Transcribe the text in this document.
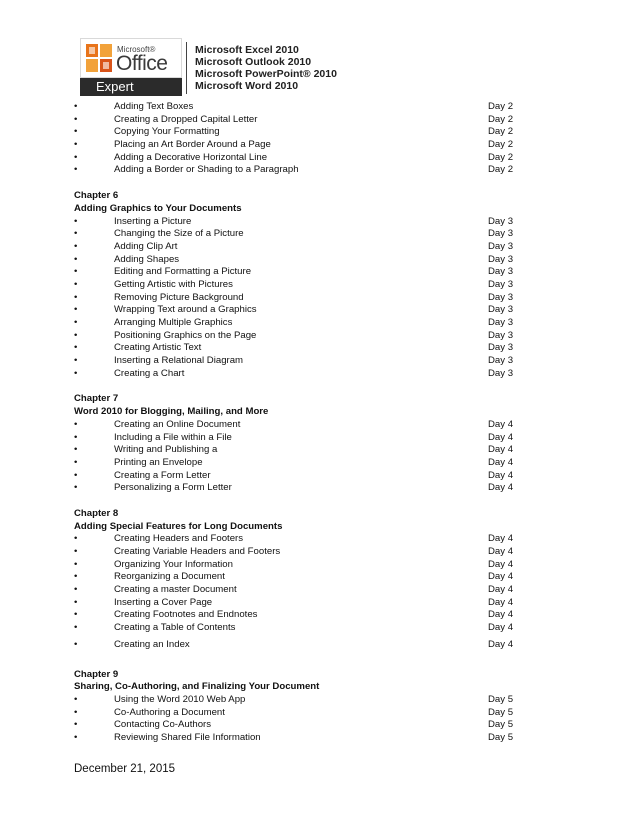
Microsoft®
Office
Expert
Microsoft Excel 2010
Microsoft Outlook 2010
Microsoft PowerPoint® 2010
Microsoft Word 2010
•	Adding Text Boxes	Day 2
•	Creating a Dropped Capital Letter	Day 2
•	Copying Your Formatting	Day 2
•	Placing an Art Border Around a Page	Day 2
•	Adding a Decorative Horizontal Line	Day 2
•	Adding a Border or Shading to a Paragraph	Day 2
Chapter 6
Adding Graphics to Your Documents
•	Inserting a Picture	Day 3
•	Changing the Size of a Picture	Day 3
•	Adding Clip Art	Day 3
•	Adding Shapes	Day 3
•	Editing and Formatting a Picture	Day 3
•	Getting Artistic with Pictures	Day 3
•	Removing Picture Background	Day 3
•	Wrapping Text around a Graphics	Day 3
•	Arranging Multiple Graphics	Day 3
•	Positioning Graphics on the Page	Day 3
•	Creating Artistic Text	Day 3
•	Inserting a Relational Diagram	Day 3
•	Creating a Chart	Day 3
Chapter 7
Word 2010 for Blogging, Mailing, and More
•	Creating an Online Document	Day 4
•	Including a File within a File	Day 4
•	Writing and Publishing a	Day 4
•	Printing an Envelope	Day 4
•	Creating a Form Letter	Day 4
•	Personalizing a Form Letter	Day 4
Chapter 8
Adding Special Features for Long Documents
•	Creating Headers and Footers	Day 4
•	Creating Variable Headers and Footers	Day 4
•	Organizing Your Information	Day 4
•	Reorganizing a Document	Day 4
•	Creating a master Document	Day 4
•	Inserting a Cover Page	Day 4
•	Creating Footnotes and Endnotes	Day 4
•	Creating a Table of Contents	Day 4
•	Creating an Index	Day 4
Chapter 9
Sharing, Co-Authoring, and Finalizing Your Document
•	Using the Word 2010 Web App	Day 5
•	Co-Authoring a Document	Day 5
•	Contacting Co-Authors	Day 5
•	Reviewing Shared File Information	Day 5
December 21, 2015
